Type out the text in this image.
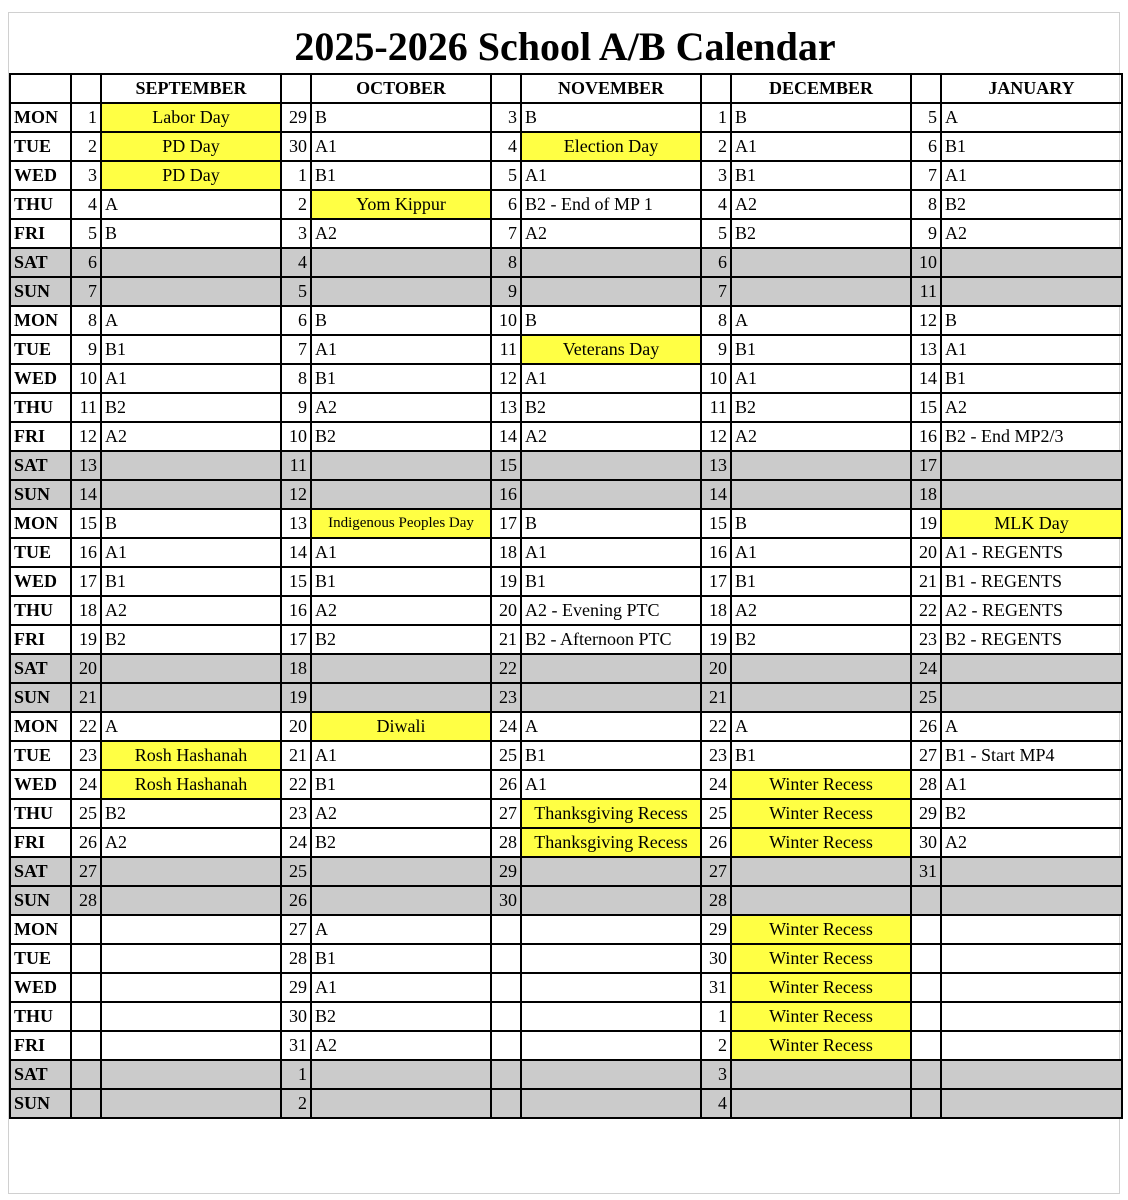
2025-2026 School A/B Calendar
		SEPTEMBER		OCTOBER		NOVEMBER		DECEMBER		JANUARY
MON	1	Labor Day	29	B	3	B	1	B	5	A
TUE	2	PD Day	30	A1	4	Election Day	2	A1	6	B1
WED	3	PD Day	1	B1	5	A1	3	B1	7	A1
THU	4	A	2	Yom Kippur	6	B2 - End of MP 1	4	A2	8	B2
FRI	5	B	3	A2	7	A2	5	B2	9	A2
SAT	6		4		8		6		10	
SUN	7		5		9		7		11	
MON	8	A	6	B	10	B	8	A	12	B
TUE	9	B1	7	A1	11	Veterans Day	9	B1	13	A1
WED	10	A1	8	B1	12	A1	10	A1	14	B1
THU	11	B2	9	A2	13	B2	11	B2	15	A2
FRI	12	A2	10	B2	14	A2	12	A2	16	B2 - End MP2/3
SAT	13		11		15		13		17	
SUN	14		12		16		14		18	
MON	15	B	13	Indigenous Peoples Day	17	B	15	B	19	MLK Day
TUE	16	A1	14	A1	18	A1	16	A1	20	A1 - REGENTS
WED	17	B1	15	B1	19	B1	17	B1	21	B1 - REGENTS
THU	18	A2	16	A2	20	A2 - Evening PTC	18	A2	22	A2 - REGENTS
FRI	19	B2	17	B2	21	B2 - Afternoon PTC	19	B2	23	B2 - REGENTS
SAT	20		18		22		20		24	
SUN	21		19		23		21		25	
MON	22	A	20	Diwali	24	A	22	A	26	A
TUE	23	Rosh Hashanah	21	A1	25	B1	23	B1	27	B1 - Start MP4
WED	24	Rosh Hashanah	22	B1	26	A1	24	Winter Recess	28	A1
THU	25	B2	23	A2	27	Thanksgiving Recess	25	Winter Recess	29	B2
FRI	26	A2	24	B2	28	Thanksgiving Recess	26	Winter Recess	30	A2
SAT	27		25		29		27		31	
SUN	28		26		30		28			
MON			27	A			29	Winter Recess		
TUE			28	B1			30	Winter Recess		
WED			29	A1			31	Winter Recess		
THU			30	B2			1	Winter Recess		
FRI			31	A2			2	Winter Recess		
SAT			1				3			
SUN			2				4			
